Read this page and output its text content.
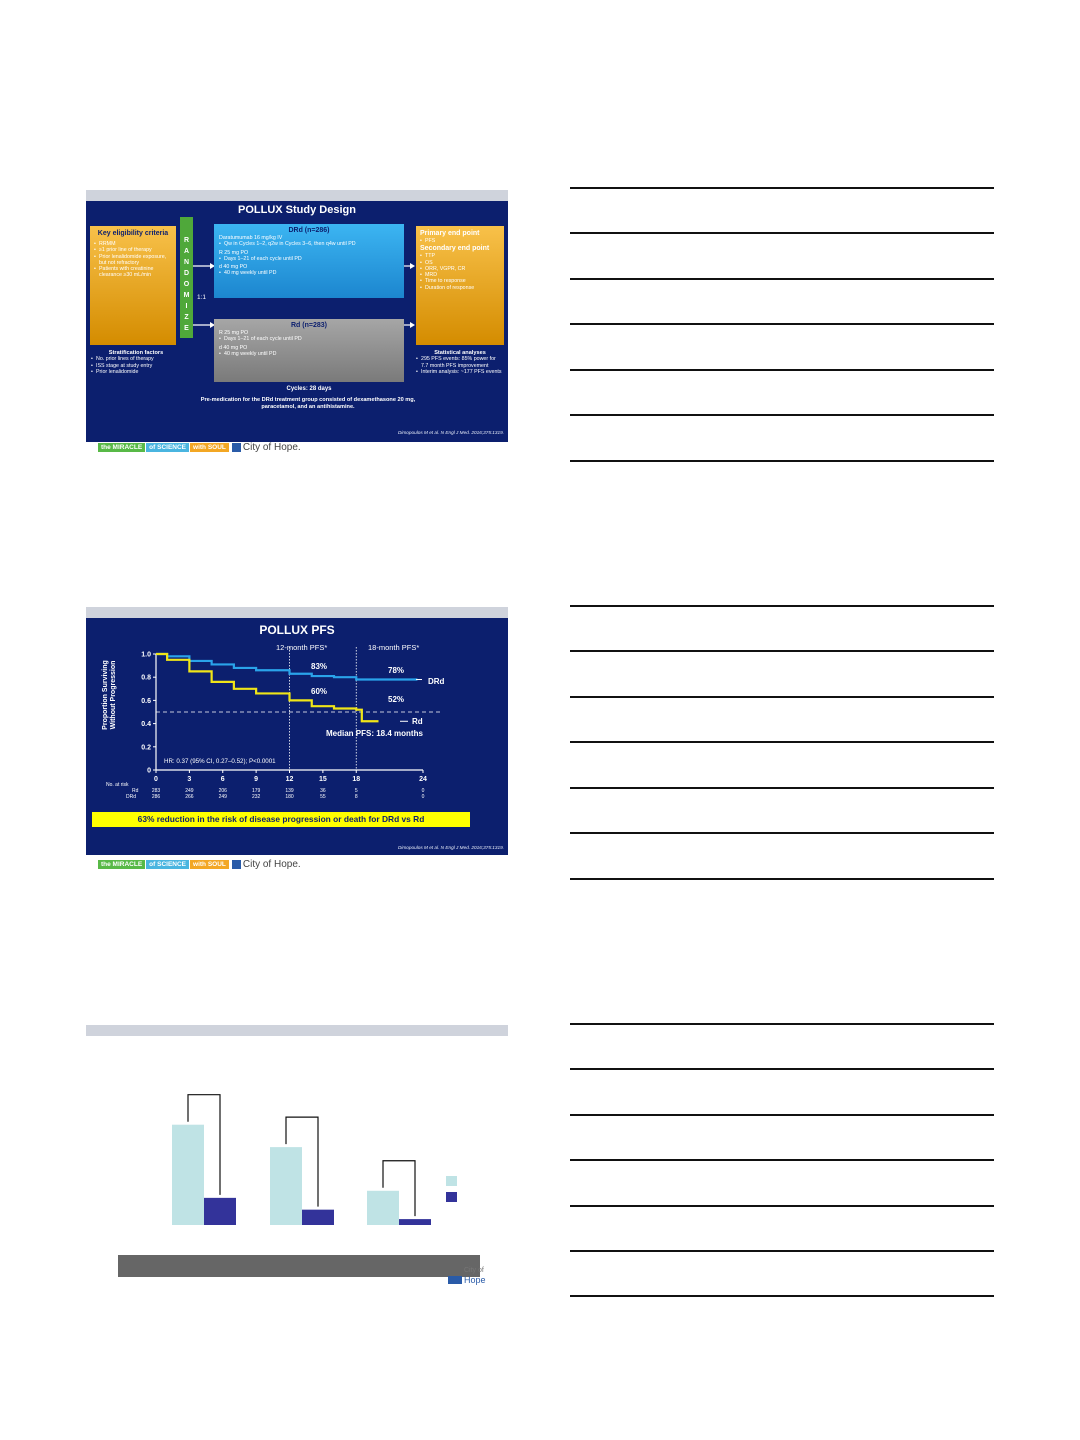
POLLUX Study Design
Key eligibility criteria
• RRMM
• ≥1 prior line of therapy
• Prior lenalidomide exposure, but not refractory
• Patients with creatinine clearance ≥30 mL/min
Stratification factors
• No. prior lines of therapy
• ISS stage at study entry
• Prior lenalidomide
R
A
N
D
O
M
I
Z
E
1:1
DRd (n=286)
Daratumumab 16 mg/kg IV
• Qw in Cycles 1–2, q2w in Cycles 3–6, then q4w until PD
R 25 mg PO
• Days 1–21 of each cycle until PD
d 40 mg PO
• 40 mg weekly until PD
Rd (n=283)
R 25 mg PO
• Days 1–21 of each cycle until PD
d 40 mg PO
• 40 mg weekly until PD
Cycles: 28 days
Pre-medication for the DRd treatment group consisted of dexamethasone 20 mg, paracetamol, and an antihistamine.
Primary end point
• PFS
Secondary end point
• TTP
• OS
• ORR, VGPR, CR
• MRD
• Time to response
• Duration of response
Statistical analyses
• 295 PFS events: 85% power for 7.7 month PFS improvement
• Interim analysis: ~177 PFS events
Dimopoulos M et al. N Engl J Med. 2016;375:1319.
the MIRACLE	of SCIENCE	with SOUL	City of Hope.
POLLUX PFS
12-month PFS*	18-month PFS*
0	3	6	9	12	15	18	24
0
0.2
0.4
0.6
0.8
1.0
Proportion Surviving Without Progression	83%
60%
78%
52%
DRd
Rd
Median PFS: 18.4 months
HR: 0.37 (95% CI, 0.27–0.52); P<0.0001
No. at risk
Rd
DRd
283	249	206	179	139	36	5	0
286	266	249	232	180	55	8	0
63% reduction in the risk of disease progression or death for DRd vs Rd
Dimopoulos M et al. N Engl J Med. 2016;375:1319.
the MIRACLE	of SCIENCE	with SOUL	City of Hope.
City of
Hope
